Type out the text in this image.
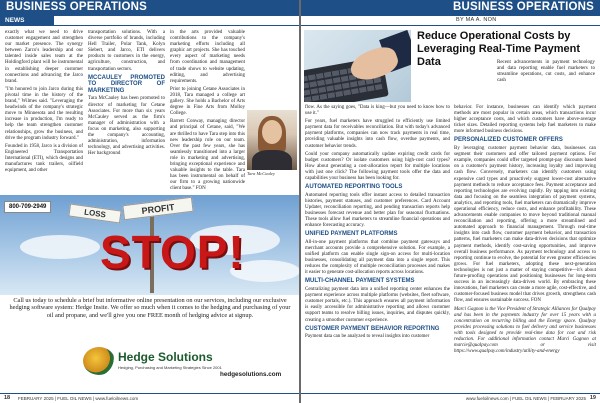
BUSINESS OPERATIONS
NEWS

exactly what we need to drive customer engagement and strengthen our market presence. The synergy between Zarco's leadership and our talented inside sales team at the Holdingford plant will be instrumental in establishing deeper customer connections and advancing the Jarco brand.

"I'm honored to join Jarco during this pivotal time in the history of the brand," Wilmes said. "Leveraging the headwinds of the company's strategic move to Minnesota and the resulting increase in production, I'm ready to help the team strengthen customer relationships, grow the business, and drive the program industry forward."

Founded in 1958, Jarco is a division of Engineered Transportation International (ETI), which designs and manufactures tank trailers, oilfield equipment, and other

transportation solutions. With a diverse portfolio of brands, including Hell Trailer, Polar Tank, Kolyn Siebert, and Jarco, ETI delivers products to customers in the energy, agriculture, construction, and transportation sectors.

MCCAULEY PROMOTED TO DIRECTOR OF MARKETING

Tara McCauley has been promoted to director of marketing for Cetane Associates. For more than six years McCauley served as the firm's manager of administration with a focus on marketing, also supporting the company's accounting, administration, information technology, and advertising activities. Her background

in the arts provided valuable contributions to the company's marketing efforts including all graphic art projects. She has touched every aspect of marketing needs from coordination and management of trade shows to website updating, editing, and advertising requirements.

Prior to joining Cetane Associates in 2018, Tara managed a college art gallery. She holds a Bachelor of Arts degree in Fine Arts from Molloy College.

Barrett Conway, managing director and principal of Cetane, said, "We are thrilled to have Tara step into this new leadership role on our team. Over the past few years, she has seamlessly transitioned into a larger role in marketing and advertising, bringing exceptional experience and valuable insights to the table. Tara has been instrumental on behalf of our firm to a growing nationwide client base." FON

Tara McCauley
LOSS	PROFIT
STOP!
800-709-2949
Call us today to schedule a brief but informative online presentation on our services, including our exclusive hedging software system: Hedge Insite. We offer so much when it comes to the hedging and purchasing of your oil and propane, and we'll give you one FREE month of hedging advice at signup.
Hedge Solutions
Hedging, Purchasing and Marketing Strategies Since 2001
hedgesolutions.com
18 FEBRUARY 2025 | FUEL OIL NEWS | www.fueloilnews.com
BUSINESS OPERATIONS
BY MA A. NON
Reduce Operational Costs by Leveraging Real-Time Payment Data	Recent advancements in payment technology and data reporting enable fuel marketers to streamline operations, cut costs, and enhance cash

flow. As the saying goes, "Data is king—but you need to know how to use it."

For years, fuel marketers have struggled to efficiently use limited payment data for receivables reconciliation. But with today's advanced payment platforms, companies can now track payments in real time, providing valuable insights into cash flow, overdue payments, and customer behavior trends.

Could your company automatically update expiring credit cards for budget customers? Or isolate customers using high-cost card types? How about generating a cost-allocation report for multiple locations with just one click? The following payment tools offer the data and capabilities your business has been looking for.

AUTOMATED REPORTING TOOLS

Automated reporting tools offer instant access to detailed transaction histories, payment statuses, and customer preferences. Card Account Updater, reconciliation reporting, and pending transaction reports help businesses forecast revenue and better plan for seasonal fluctuations. These tools allow fuel marketers to streamline financial operations and enhance forecasting accuracy.

UNIFIED PAYMENT PLATFORMS

All-in-one payment platforms that combine payment gateways and merchant accounts provide a comprehensive solution. For example, a unified platform can enable single sign-on access for multi-location businesses, consolidating all payment data into a single report. This reduces the complexity of multiple reconciliation processes and makes it easier to generate cost-allocation reports across locations.

MULTI-CHANNEL PAYMENT SYSTEMS

Centralizing payment data into a unified reporting center enhances the payment experience across multiple platforms (websites, fleet software, customer portals, etc.). This approach ensures all payment information is easily accessible for administrative reporting and allows customer support teams to resolve billing issues, inquiries, and disputes quickly, creating a smoother customer experience.

CUSTOMER PAYMENT BEHAVIOR REPORTING

Payment data can be analyzed to reveal insights into customer

behavior. For instance, businesses can identify which payment methods are most popular in certain areas, which transactions incur higher acceptance costs, and which customers have above-average ticket sizes. Detailed reporting systems help fuel marketers to make more informed business decisions.

PERSONALIZED CUSTOMER OFFERS

By leveraging customer payment behavior data, businesses can segment their customers and offer tailored payment options. For example, companies could offer targeted prompt-pay discounts based on a customer's payment history, increasing loyalty and improving cash flow. Conversely, marketers can identify customers using expensive card types and proactively suggest lower-cost alternative payment methods to reduce acceptance fees. Payment acceptance and reporting technologies are evolving rapidly. By tapping into existing data and focusing on the seamless integration of payment systems, analytics, and reporting tools, fuel marketers can dramatically improve operational efficiency, reduce costs, and enhance profitability. These advancements enable companies to move beyond traditional manual reconciliation and reporting, offering a more streamlined and automated approach to financial management. Through real-time insights into cash flow, customer payment behavior, and transaction patterns, fuel marketers can make data-driven decisions that optimize payment methods, identify cost-saving opportunities, and improve overall business performance. As payment technology and access to reporting continue to evolve, the potential for even greater efficiencies grows. For fuel marketers, adopting these next-generation technologies is not just a matter of staying competitive—it's about future-proofing operations and positioning businesses for long-term success in an increasingly data-driven world. By embracing these innovations, fuel marketers can create a more agile, cost-effective, and customer-focused business model that drives growth, strengthens cash flow, and ensures sustainable success. FON

Marci Gagnon is the Vice President of Strategic Alliances for Qualpay and has been in the payments industry for over 15 years with a concentration on recurring billing and the Energy space. Qualpay provides processing solutions to fuel delivery and service businesses with tools designed to provide real-time data for cost and risk reduction. For additional information contact Marci Gagnon at marcie@qualpay.com or visit https://www.qualpay.com/industry/utility-and-energy

www.fueloilnews.com | FUEL OIL NEWS | FEBRUARY 2025 19
